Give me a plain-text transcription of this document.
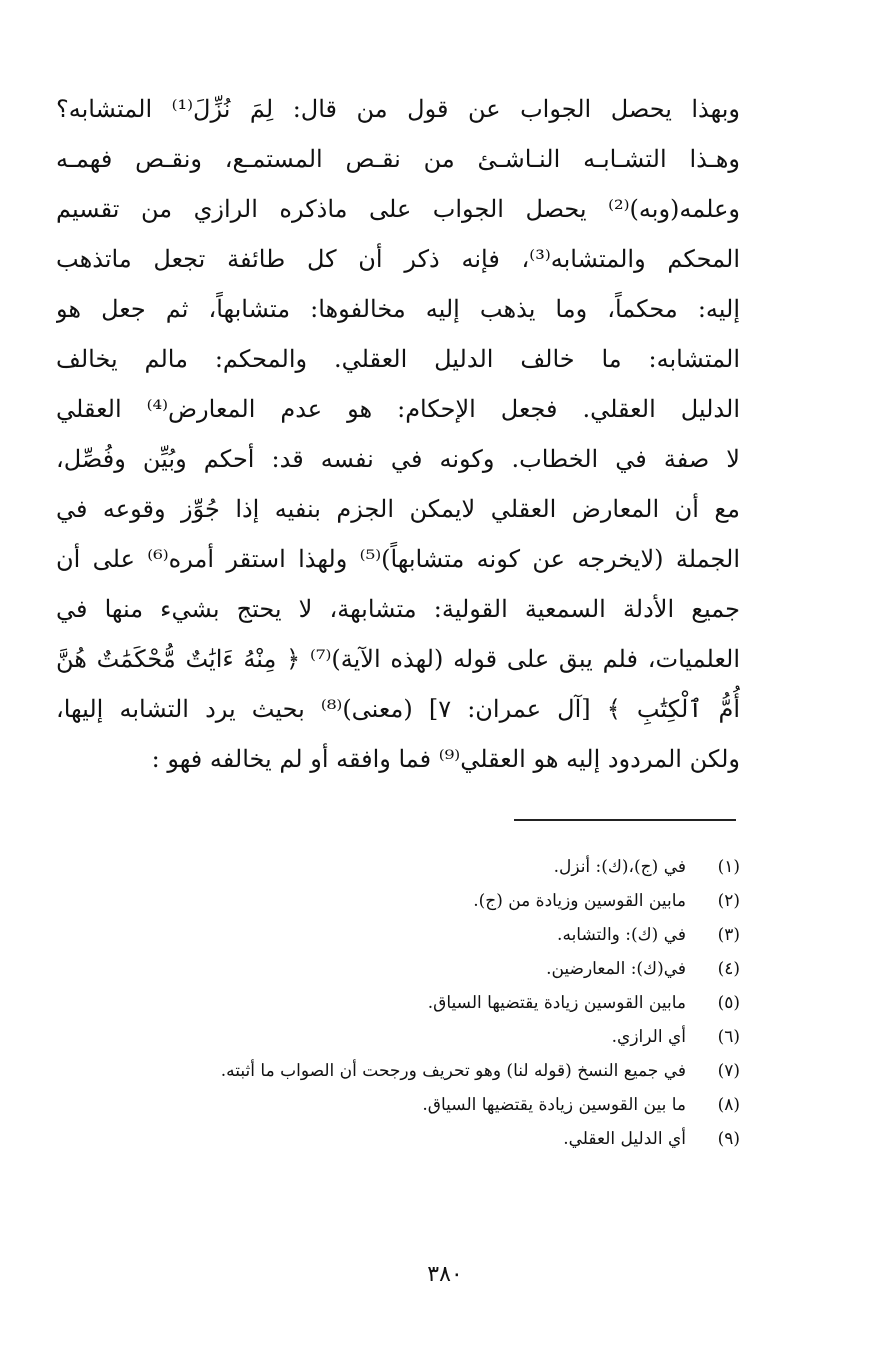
وبهذا يحصل الجواب عن قول من قال: لِمَ نُزِّلَ⁽¹⁾ المتشابه؟
وهـذا التشـابـه النـاشـئ من نقـص المستمـع، ونقـص فهمـه
وعلمه(وبه)⁽²⁾ يحصل الجواب على ماذكره الرازي من تقسيم
المحكم والمتشابه⁽³⁾، فإنه ذكر أن كل طائفة تجعل ماتذهب
إليه: محكماً، وما يذهب إليه مخالفوها: متشابهاً، ثم جعل هو
المتشابه: ما خالف الدليل العقلي. والمحكم: مالم يخالف
الدليل العقلي. فجعل الإحكام: هو عدم المعارض⁽⁴⁾ العقلي
لا صفة في الخطاب. وكونه في نفسه قد: أحكم وبُيِّن وفُصِّل،
مع أن المعارض العقلي لايمكن الجزم بنفيه إذا جُوِّز وقوعه في
الجملة (لايخرجه عن كونه متشابهاً)⁽⁵⁾ ولهذا استقر أمره⁽⁶⁾ على أن
جميع الأدلة السمعية القولية: متشابهة، لا يحتج بشيء منها في
العلميات، فلم يبق على قوله (لهذه الآية)⁽⁷⁾ ﴿ مِنْهُ ءَايَٰتٌ مُّحْكَمَٰتٌ هُنَّ
أُمُّ ٱلْكِتَٰبِ ﴾ [آل عمران: ٧] (معنى)⁽⁸⁾ بحيث يرد التشابه إليها،
ولكن المردود إليه هو العقلي⁽⁹⁾ فما وافقه أو لم يخالفه فهو :
(١)
في (ج)،(ك): أنزل.
(٢)
مابين القوسين وزيادة من (ج).
(٣)
في (ك): والتشابه.
(٤)
في(ك): المعارضين.
(٥)
مابين القوسين زيادة يقتضيها السياق.
(٦)
أي الرازي.
(٧)
في جميع النسخ (قوله لنا) وهو تحريف ورجحت أن الصواب ما أثبته.
(٨)
ما بين القوسين زيادة يقتضيها السياق.
(٩)
أي الدليل العقلي.
٣٨٠
